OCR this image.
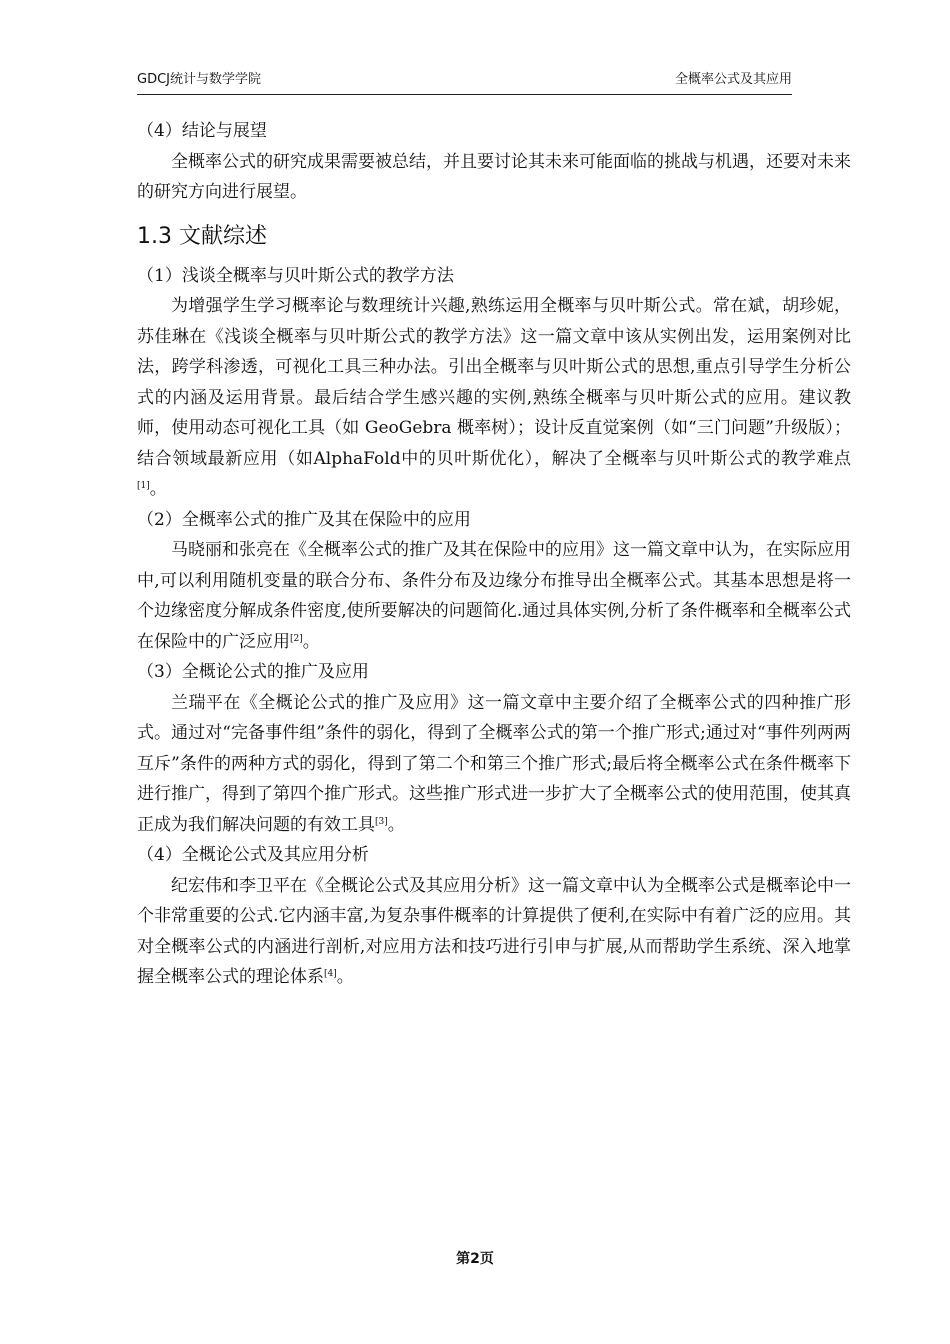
GDCJ统计与数学学院	全概率公式及其应用

（4）结论与展望

全概率公式的研究成果需要被总结，并且要讨论其未来可能面临的挑战与机遇，还要对未来的研究方向进行展望。

1.3 文献综述

（1）浅谈全概率与贝叶斯公式的教学方法

为增强学生学习概率论与数理统计兴趣,熟练运用全概率与贝叶斯公式。常在斌，胡珍妮，苏佳琳在《浅谈全概率与贝叶斯公式的教学方法》这一篇文章中该从实例出发，运用案例对比法，跨学科渗透，可视化工具三种办法。引出全概率与贝叶斯公式的思想,重点引导学生分析公式的内涵及运用背景。最后结合学生感兴趣的实例,熟练全概率与贝叶斯公式的应用。建议教师，使用动态可视化工具（如 GeoGebra 概率树）；设计反直觉案例（如“三门问题”升级版）；结合领域最新应用（如AlphaFold中的贝叶斯优化），解决了全概率与贝叶斯公式的教学难点[1]。

（2）全概率公式的推广及其在保险中的应用

马晓丽和张亮在《全概率公式的推广及其在保险中的应用》这一篇文章中认为，在实际应用中,可以利用随机变量的联合分布、条件分布及边缘分布推导出全概率公式。其基本思想是将一个边缘密度分解成条件密度,使所要解决的问题简化.通过具体实例,分析了条件概率和全概率公式在保险中的广泛应用[2]。

（3）全概论公式的推广及应用

兰瑞平在《全概论公式的推广及应用》这一篇文章中主要介绍了全概率公式的四种推广形式。通过对“完备事件组”条件的弱化，得到了全概率公式的第一个推广形式;通过对“事件列两两互斥”条件的两种方式的弱化，得到了第二个和第三个推广形式;最后将全概率公式在条件概率下进行推广，得到了第四个推广形式。这些推广形式进一步扩大了全概率公式的使用范围，使其真正成为我们解决问题的有效工具[3]。

（4）全概论公式及其应用分析

纪宏伟和李卫平在《全概论公式及其应用分析》这一篇文章中认为全概率公式是概率论中一个非常重要的公式.它内涵丰富,为复杂事件概率的计算提供了便利,在实际中有着广泛的应用。其对全概率公式的内涵进行剖析,对应用方法和技巧进行引申与扩展,从而帮助学生系统、深入地掌握全概率公式的理论体系[4]。

第2页
